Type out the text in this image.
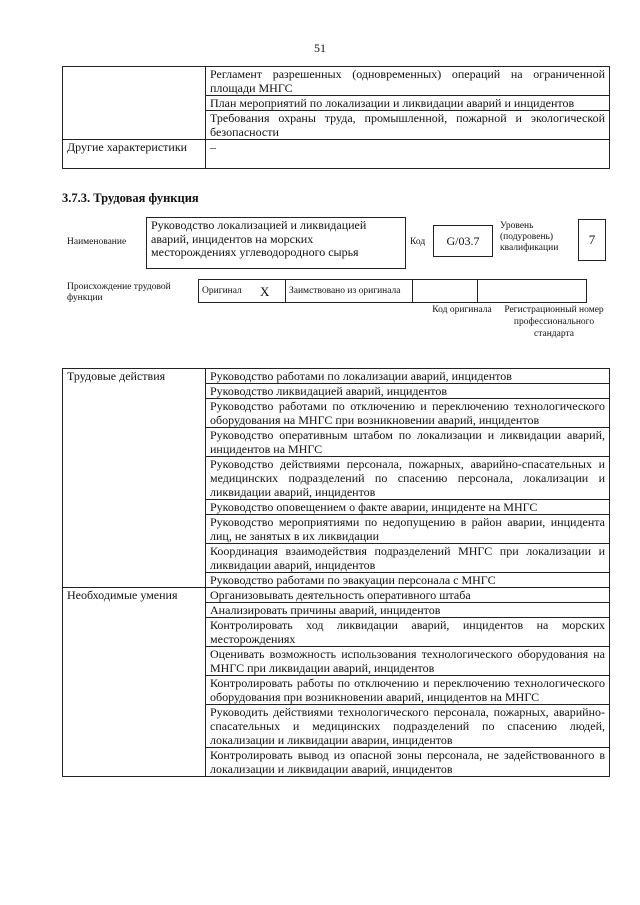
51
	Регламент разрешенных (одновременных) операций на ограниченной площади МНГС
	План мероприятий по локализации и ликвидации аварий и инцидентов
	Требования охраны труда, промышленной, пожарной и экологической безопасности
Другие характеристики	–
3.7.3. Трудовая функция
Наименование
Руководство локализацией и ликвидацией аварий, инцидентов на морских месторождениях углеводородного сырья
Код	G/03.7
Уровень (подуровень) квалификации
7
Происхождение трудовой функции
Оригинал	X	Заимствовано из оригинала		
Код оригинала	Регистрационный номер профессионального стандарта
Трудовые действия	Руководство работами по локализации аварий, инцидентов
	Руководство ликвидацией аварий, инцидентов
	Руководство работами по отключению и переключению технологического оборудования на МНГС при возникновении аварий, инцидентов
	Руководство оперативным штабом по локализации и ликвидации аварий, инцидентов на МНГС
	Руководство действиями персонала, пожарных, аварийно-спасательных и медицинских подразделений по спасению персонала, локализации и ликвидации аварий, инцидентов
	Руководство оповещением о факте аварии, инциденте на МНГС
	Руководство мероприятиями по недопущению в район аварии, инцидента лиц, не занятых в их ликвидации
	Координация взаимодействия подразделений МНГС при локализации и ликвидации аварий, инцидентов
	Руководство работами по эвакуации персонала с МНГС
Необходимые умения	Организовывать деятельность оперативного штаба
	Анализировать причины аварий, инцидентов
	Контролировать ход ликвидации аварий, инцидентов на морских месторождениях
	Оценивать возможность использования технологического оборудования на МНГС при ликвидации аварий, инцидентов
	Контролировать работы по отключению и переключению технологического оборудования при возникновении аварий, инцидентов на МНГС
	Руководить действиями технологического персонала, пожарных, аварийно-спасательных и медицинских подразделений по спасению людей, локализации и ликвидации аварии, инцидентов
	Контролировать вывод из опасной зоны персонала, не задействованного в локализации и ликвидации аварий, инцидентов
